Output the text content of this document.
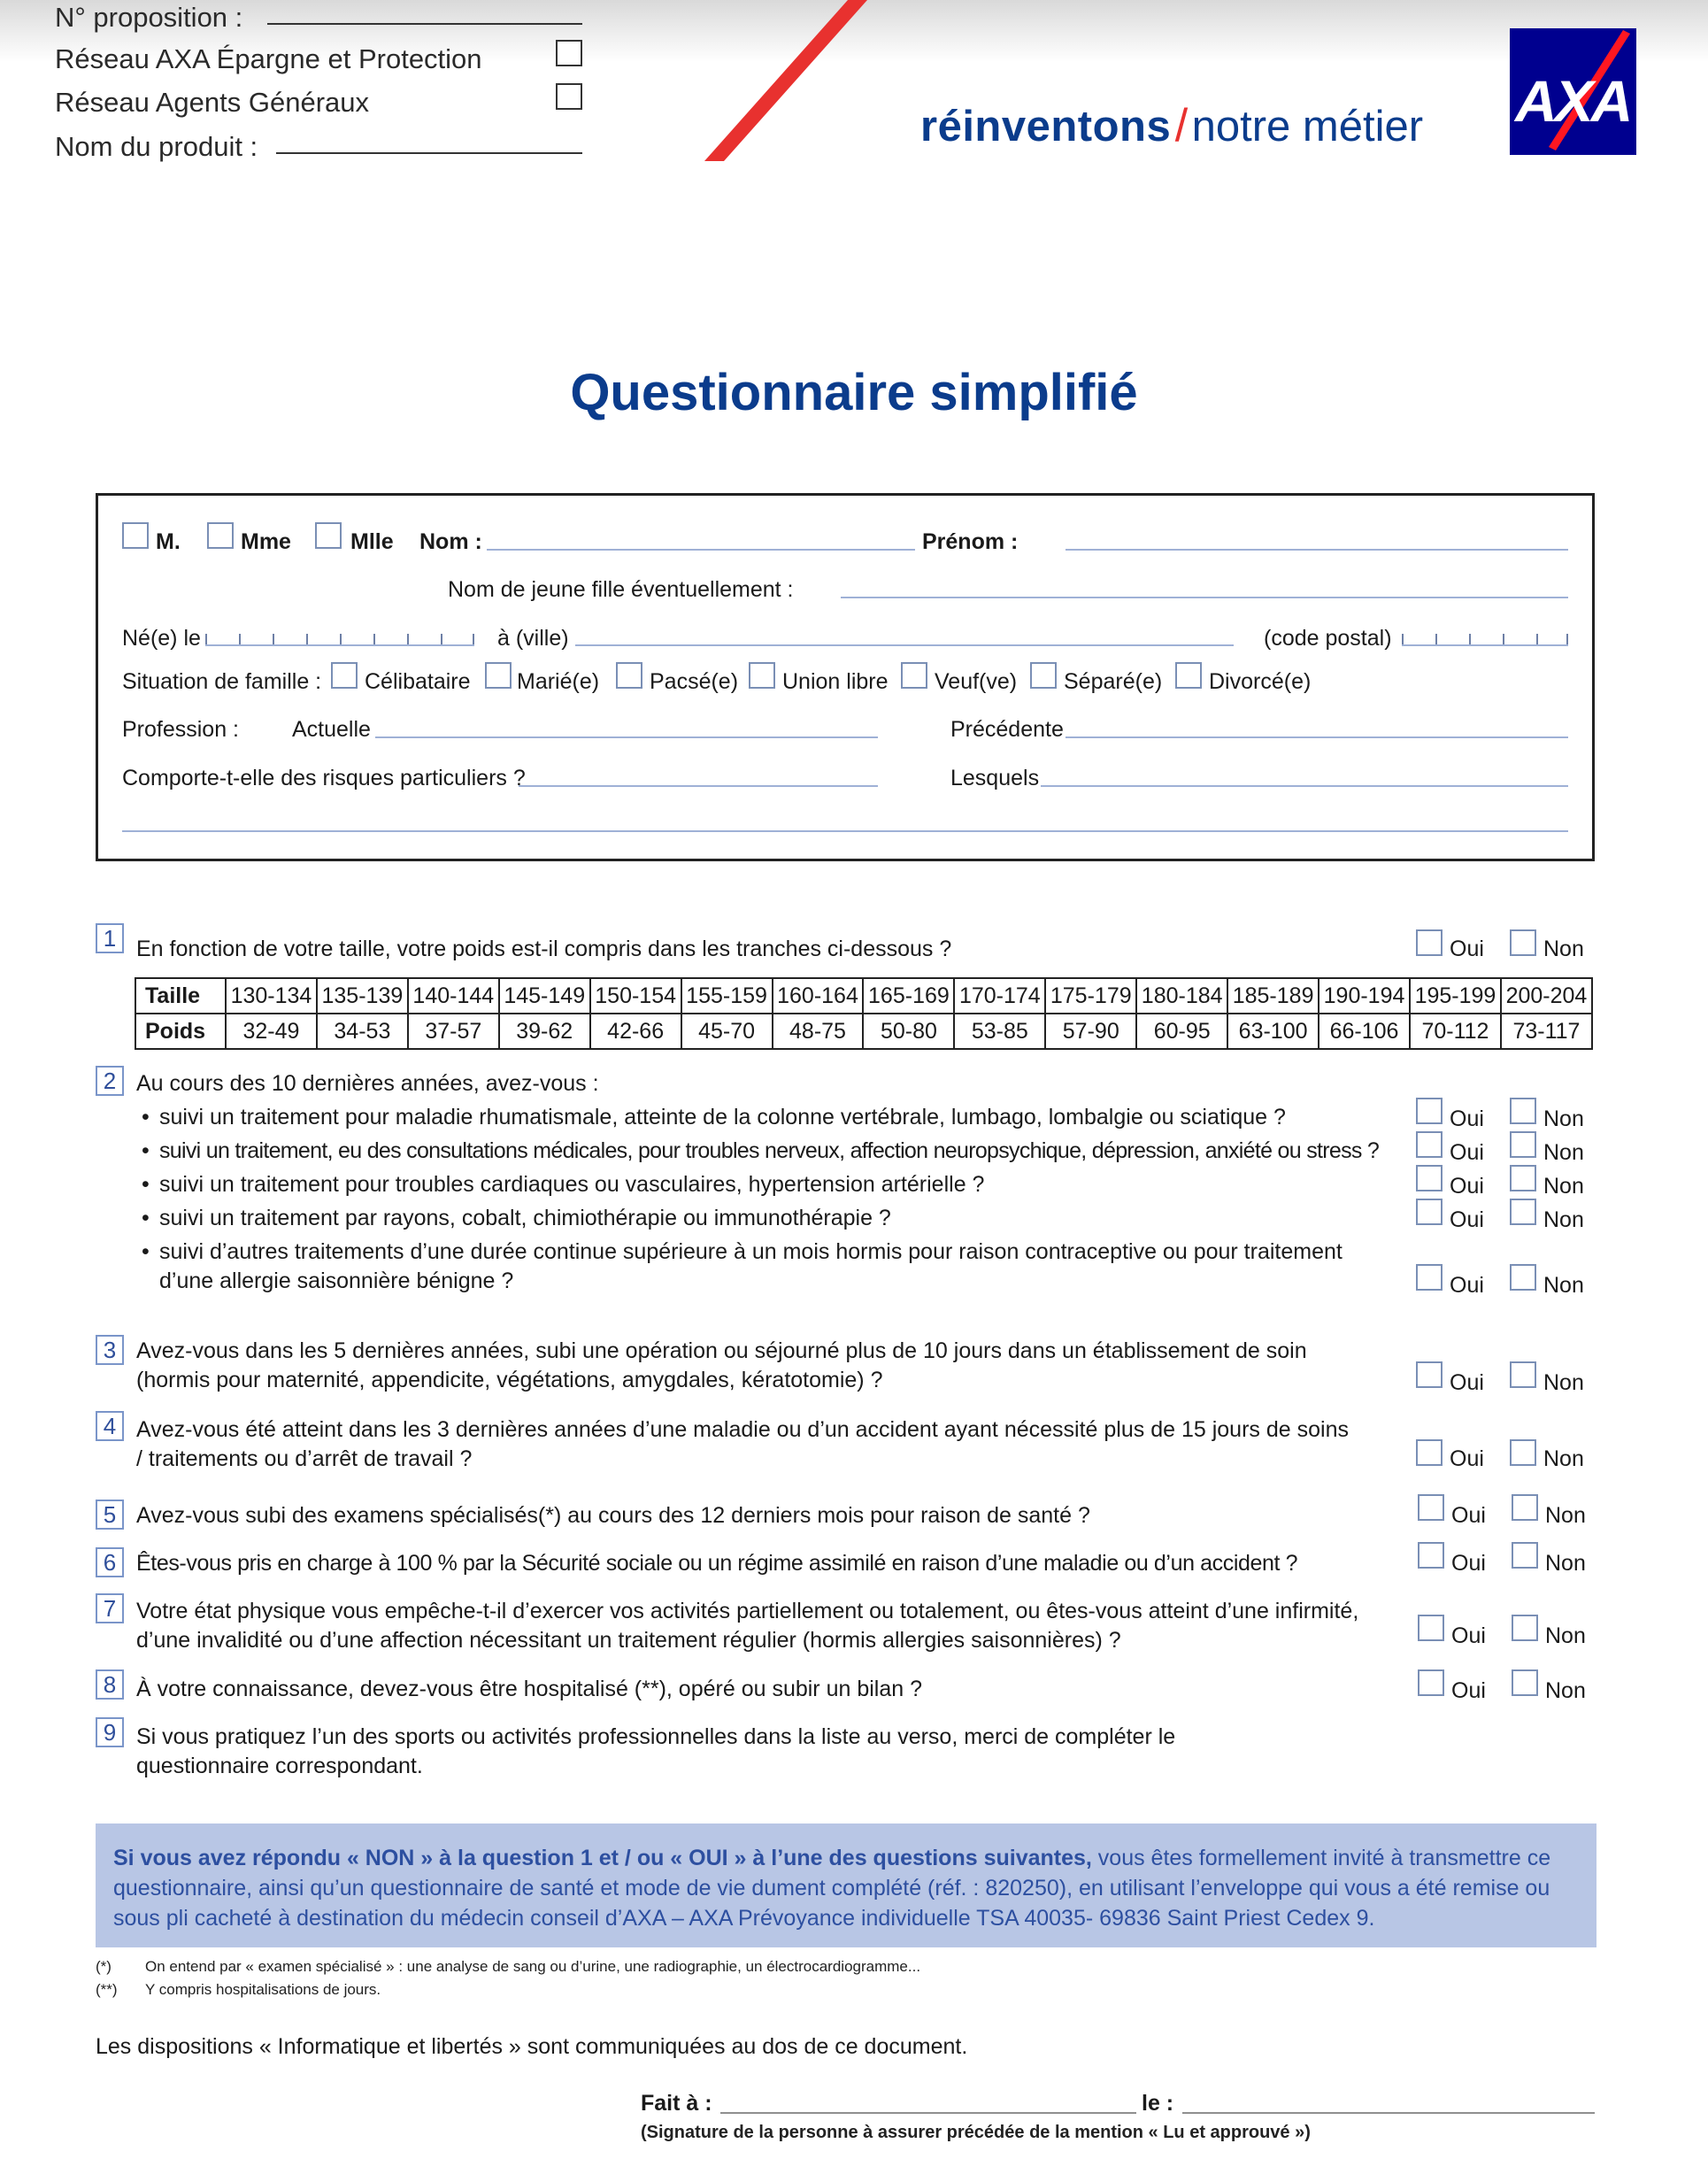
N° proposition :
Réseau AXA Épargne et Protection
Réseau Agents Généraux
Nom du produit :	réinventons / notre métier AXA
Questionnaire simplifié
M.	Mme	Mlle Nom :	Prénom :
Nom de jeune fille éventuellement :
Né(e) le	à (ville)	(code postal)
Situation de famille : Célibataire Marié(e) Pacsé(e) Union libre Veuf(ve) Séparé(e) Divorcé(e)
Profession : Actuelle	Précédente
Comporte-t-elle des risques particuliers ?	Lesquels
1 En fonction de votre taille, votre poids est-il compris dans les tranches ci-dessous ?	Oui	Non
Taille	130-134	135-139	140-144	145-149	150-154	155-159	160-164	165-169	170-174	175-179	180-184	185-189	190-194	195-199	200-204
Poids	32-49	34-53	37-57	39-62	42-66	45-70	48-75	50-80	53-85	57-90	60-95	63-100	66-106	70-112	73-117
2 Au cours des 10 dernières années, avez-vous :
• suivi un traitement pour maladie rhumatismale, atteinte de la colonne vertébrale, lumbago, lombalgie ou sciatique ?	Oui	Non
• suivi un traitement, eu des consultations médicales, pour troubles nerveux, affection neuropsychique, dépression, anxiété ou stress ?	Oui	Non
• suivi un traitement pour troubles cardiaques ou vasculaires, hypertension artérielle ?	Oui	Non
• suivi un traitement par rayons, cobalt, chimiothérapie ou immunothérapie ?	Oui	Non
• suivi d’autres traitements d’une durée continue supérieure à un mois hormis pour raison contraceptive ou pour traitement d’une allergie saisonnière bénigne ?	Oui	Non
3 Avez-vous dans les 5 dernières années, subi une opération ou séjourné plus de 10 jours dans un établissement de soin (hormis pour maternité, appendicite, végétations, amygdales, kératotomie) ?	Oui	Non
4 Avez-vous été atteint dans les 3 dernières années d’une maladie ou d’un accident ayant nécessité plus de 15 jours de soins / traitements ou d’arrêt de travail ?	Oui	Non
5 Avez-vous subi des examens spécialisés(*) au cours des 12 derniers mois pour raison de santé ?	Oui	Non
6 Êtes-vous pris en charge à 100 % par la Sécurité sociale ou un régime assimilé en raison d’une maladie ou d’un accident ?	Oui	Non
7 Votre état physique vous empêche-t-il d’exercer vos activités partiellement ou totalement, ou êtes-vous atteint d’une infirmité, d’une invalidité ou d’une affection nécessitant un traitement régulier (hormis allergies saisonnières) ?	Oui	Non
8 À votre connaissance, devez-vous être hospitalisé (**), opéré ou subir un bilan ?	Oui	Non
9 Si vous pratiquez l’un des sports ou activités professionnelles dans la liste au verso, merci de compléter le questionnaire correspondant.

Si vous avez répondu « NON » à la question 1 et / ou « OUI » à l’une des questions suivantes, vous êtes formellement invité à transmettre ce questionnaire, ainsi qu’un questionnaire de santé et mode de vie dument complété (réf. : 820250), en utilisant l’enveloppe qui vous a été remise ou sous pli cacheté à destination du médecin conseil d’AXA – AXA Prévoyance individuelle TSA 40035- 69836 Saint Priest Cedex 9.

(*) On entend par « examen spécialisé » : une analyse de sang ou d’urine, une radiographie, un électrocardiogramme...
(**) Y compris hospitalisations de jours.
Les dispositions « Informatique et libertés » sont communiquées au dos de ce document.
Fait à :	le :
(Signature de la personne à assurer précédée de la mention « Lu et approuvé »)
